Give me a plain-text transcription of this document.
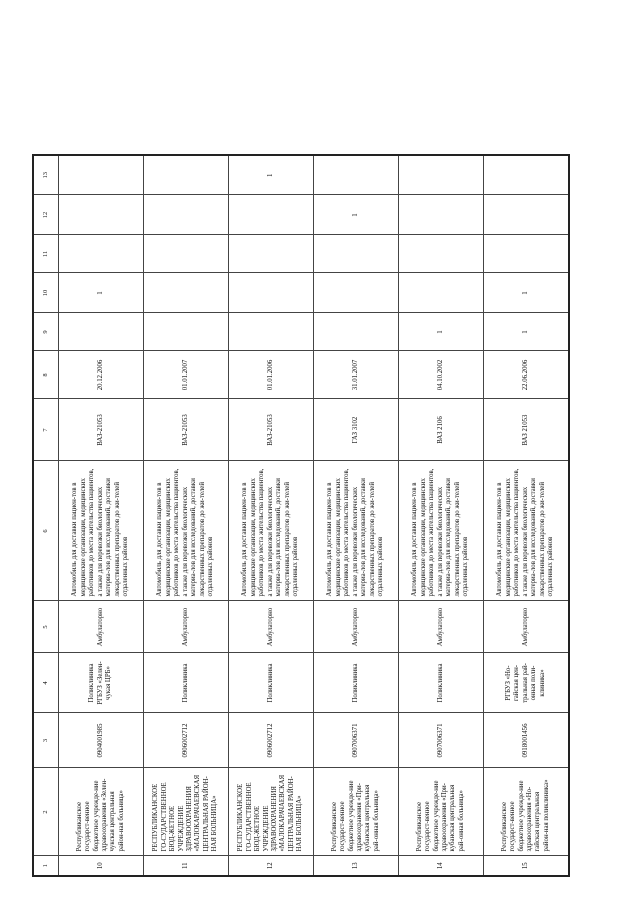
1	2	3	4	5	6	7	8	9	10	11	12	13
10	Республиканское государст-венное бюджетное учрежде-ние здравоохранения «Зелен-чукская центральная район-ная больница»	0904001985	Поликлиника РГБУЗ «Зелен-чукая ЦРБ»	Амбулаторно	Автомобиль для доставки пациен-тов в медицинские организации, медицинских работников до места жительства пациентов, а также для перевозки биологических материа-лов для исследований, доставки лекарственных препаратов до жи-телей отдаленных районов	ВАЗ-21053	20.12.2006		1			
11	РЕСПУБЛИКАНСКОЕ ГО-СУДАРСТВЕННОЕ БЮД-ЖЕТНОЕ УЧРЕЖДЕНИЕ ЗДРАВООХРАНЕНИЯ «МАЛОКАРАЧАЕВСКАЯ ЦЕНТРАЛЬНАЯ РАЙОН-НАЯ БОЛЬНИЦА»	0906002712	Поликлиника	Амбулаторно	Автомобиль для доставки пациен-тов в медицинские организации, медицинских работников до места жительства пациентов, а также для перевозки биологических материа-лов для исследований, доставки лекарственных препаратов до жи-телей отдаленных районов	ВАЗ-21053	01.01.2007					
12	РЕСПУБЛИКАНСКОЕ ГО-СУДАРСТВЕННОЕ БЮД-ЖЕТНОЕ УЧРЕЖДЕНИЕ ЗДРАВООХРАНЕНИЯ «МАЛОКАРАЧАЕВСКАЯ ЦЕНТРАЛЬНАЯ РАЙОН-НАЯ БОЛЬНИЦА»	0906002712	Поликлиника	Амбулаторно	Автомобиль для доставки пациен-тов в медицинские организации, медицинских работников до места жительства пациентов, а также для перевозки биологических материа-лов для исследований, доставки лекарственных препаратов до жи-телей отдаленных районов	ВАЗ-21053	01.01.2006					1
13	Республиканское государст-венное бюджетное учрежде-ние здравоохранения «При-кубанская центральная рай-онная больница»	0907006371	Поликлиника	Амбулаторно	Автомобиль для доставки пациен-тов в медицинские организации, медицинских работников до места жительства пациентов, а также для перевозки биологических материа-лов для исследований, доставки лекарственных препаратов до жи-телей отдаленных районов	ГАЗ 3102	31.01.2007				1	
14	Республиканское государст-венное бюджетное учрежде-ние здравоохранения «При-кубанская центральная рай-онная больница»	0907006371	Поликлиника	Амбулаторно	Автомобиль для доставки пациен-тов в медицинские организации, медицинских работников до места жительства пациентов, а также для перевозки биологических материа-лов для исследований, доставки лекарственных препаратов до жи-телей отдаленных районов	ВАЗ 2106	04.10.2002	1				
15	Республиканское государст-венное бюджетное учрежде-ние здравоохранения «Но-гайская центральная район-ная поликлиника»	0918001456	РГБУЗ «Но-гайская цен-тральная рай-онная поли-клиника»	Амбулаторно	Автомобиль для доставки пациен-тов в медицинские организации, медицинских работников до места жительства пациентов, а также для перевозки биологических материа-лов для исследований, доставки лекарственных препаратов до жи-телей отдаленных районов	ВАЗ 21053	22.06.2006	1	1			
